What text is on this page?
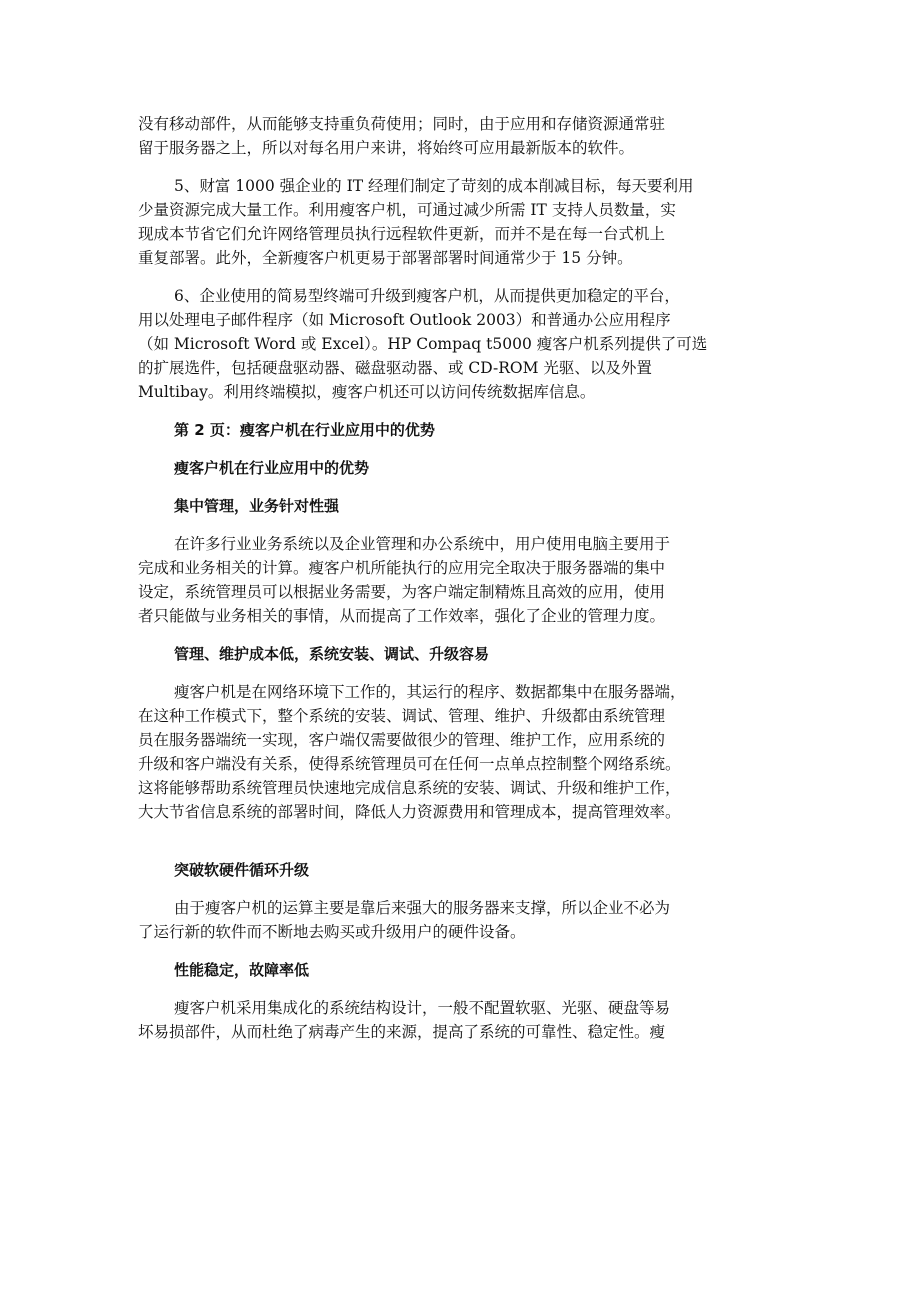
没有移动部件，从而能够支持重负荷使用；同时，由于应用和存储资源通常驻
留于服务器之上，所以对每名用户来讲，将始终可应用最新版本的软件。
5、财富 1000 强企业的 IT 经理们制定了苛刻的成本削减目标，每天要利用
少量资源完成大量工作。利用瘦客户机，可通过减少所需 IT 支持人员数量，实
现成本节省它们允许网络管理员执行远程软件更新，而并不是在每一台式机上
重复部署。此外，全新瘦客户机更易于部署部署时间通常少于 15 分钟。
6、企业使用的简易型终端可升级到瘦客户机，从而提供更加稳定的平台，
用以处理电子邮件程序（如 Microsoft Outlook 2003）和普通办公应用程序
（如 Microsoft Word 或 Excel）。HP Compaq t5000 瘦客户机系列提供了可选
的扩展选件，包括硬盘驱动器、磁盘驱动器、或 CD-ROM 光驱、以及外置
Multibay。利用终端模拟，瘦客户机还可以访问传统数据库信息。
第 2 页：瘦客户机在行业应用中的优势
瘦客户机在行业应用中的优势
集中管理，业务针对性强
在许多行业业务系统以及企业管理和办公系统中，用户使用电脑主要用于
完成和业务相关的计算。瘦客户机所能执行的应用完全取决于服务器端的集中
设定，系统管理员可以根据业务需要，为客户端定制精炼且高效的应用，使用
者只能做与业务相关的事情，从而提高了工作效率，强化了企业的管理力度。
管理、维护成本低，系统安装、调试、升级容易
瘦客户机是在网络环境下工作的，其运行的程序、数据都集中在服务器端，
在这种工作模式下，整个系统的安装、调试、管理、维护、升级都由系统管理
员在服务器端统一实现，客户端仅需要做很少的管理、维护工作，应用系统的
升级和客户端没有关系，使得系统管理员可在任何一点单点控制整个网络系统。
这将能够帮助系统管理员快速地完成信息系统的安装、调试、升级和维护工作，
大大节省信息系统的部署时间，降低人力资源费用和管理成本，提高管理效率。
突破软硬件循环升级
由于瘦客户机的运算主要是靠后来强大的服务器来支撑，所以企业不必为
了运行新的软件而不断地去购买或升级用户的硬件设备。
性能稳定，故障率低
瘦客户机采用集成化的系统结构设计，一般不配置软驱、光驱、硬盘等易
坏易损部件，从而杜绝了病毒产生的来源，提高了系统的可靠性、稳定性。瘦
